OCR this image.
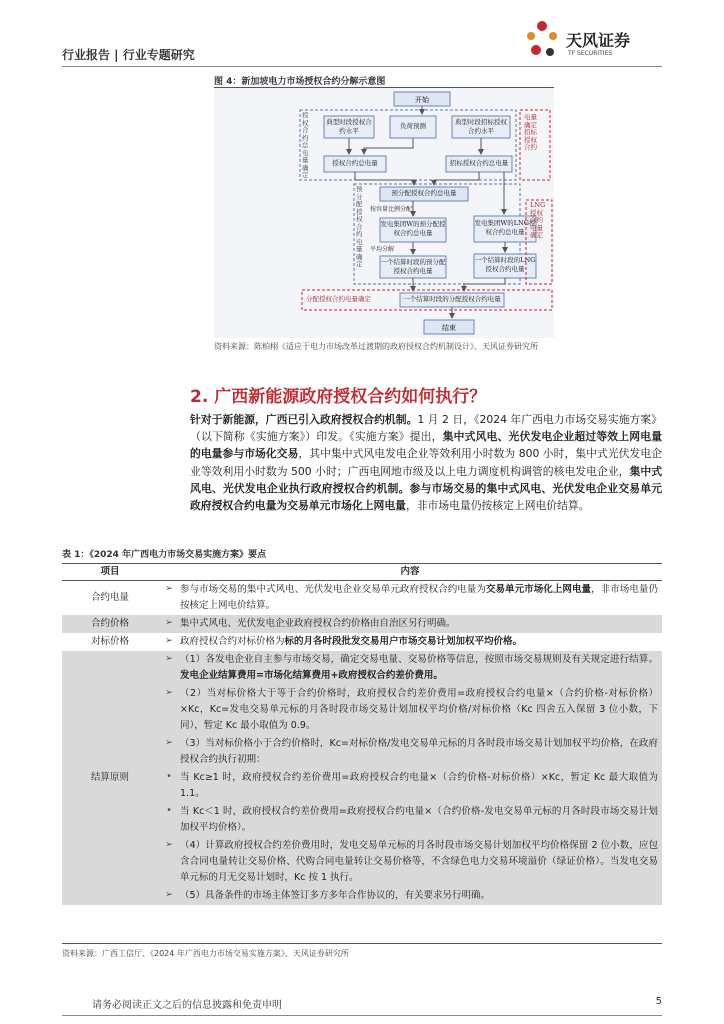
行业报告 | 行业专题研究
天风证券
TF SECURITIES
图 4：新加坡电力市场授权合约分解示意图
开始
典型时段授权合约水平
负荷预测	典型时段招标授权合约水平
授权合约总电量	招标授权合约总电量
授权合约总电量确定
电量确定招标授权合约
预分配授权合约总电量
按容量比例分配
发电集团W的预分配授权合约总电量
发电集团W的LNG授权合约总电量
平均分解
一个结算时段的预分配授权合约电量
一个结算时段的LNG授权合约电量
预分配授权合约电量确定
LNG授权合约电量确定
分配授权合约电量确定	一个结算时段的分配授权合约电量
结束
资料来源：陈柏栩《适应于电力市场改革过渡期的政府授权合约机制设计》、天风证券研究所
2. 广西新能源政府授权合约如何执行？
针对于新能源，广西已引入政府授权合约机制。1 月 2 日，《2024 年广西电力市场交易实施方案》（以下简称《实施方案》）印发。《实施方案》提出，集中式风电、光伏发电企业超过等效上网电量的电量参与市场化交易，其中集中式风电发电企业等效利用小时数为 800 小时，集中式光伏发电企业等效利用小时数为 500 小时；广西电网地市级及以上电力调度机构调管的核电发电企业，集中式风电、光伏发电企业执行政府授权合约机制。参与市场交易的集中式风电、光伏发电企业交易单元政府授权合约电量为交易单元市场化上网电量，非市场电量仍按核定上网电价结算。
表 1：《2024 年广西电力市场交易实施方案》要点
项目	内容	
合约电量	➢	参与市场交易的集中式风电、光伏发电企业交易单元政府授权合约电量为交易单元市场化上网电量，非市场电量仍按核定上网电价结算。
合约价格	➢	集中式风电、光伏发电企业政府授权合约价格由自治区另行明确。
对标价格	➢	政府授权合约对标价格为标的月各时段批发交易用户市场交易计划加权平均价格。
结算原则	➢	（1）各发电企业自主参与市场交易，确定交易电量、交易价格等信息，按照市场交易规则及有关规定进行结算。发电企业结算费用=市场化结算费用+政府授权合约差价费用。
	➢	（2）当对标价格大于等于合约价格时，政府授权合约差价费用=政府授权合约电量×（合约价格-对标价格）×Kc，Kc=发电交易单元标的月各时段市场交易计划加权平均价格/对标价格（Kc 四舍五入保留 3 位小数，下同），暂定 Kc 最小取值为 0.9。
	➢	（3）当对标价格小于合约价格时，Kc=对标价格/发电交易单元标的月各时段市场交易计划加权平均价格，在政府授权合约执行初期：
	•	当 Kc≥1 时，政府授权合约差价费用=政府授权合约电量×（合约价格-对标价格）×Kc，暂定 Kc 最大取值为 1.1。
	•	当 Kc＜1 时，政府授权合约差价费用=政府授权合约电量×（合约价格-发电交易单元标的月各时段市场交易计划加权平均价格）。
	➢	（4）计算政府授权合约差价费用时，发电交易单元标的月各时段市场交易计划加权平均价格保留 2 位小数，应包含合同电量转让交易价格、代购合同电量转让交易价格等，不含绿色电力交易环境溢价（绿证价格）。当发电交易单元标的月无交易计划时，Kc 按 1 执行。
	➢	（5）具备条件的市场主体签订多方多年合作协议的，有关要求另行明确。
资料来源：广西工信厅、《2024 年广西电力市场交易实施方案》、天风证券研究所
请务必阅读正文之后的信息披露和免责申明	5
